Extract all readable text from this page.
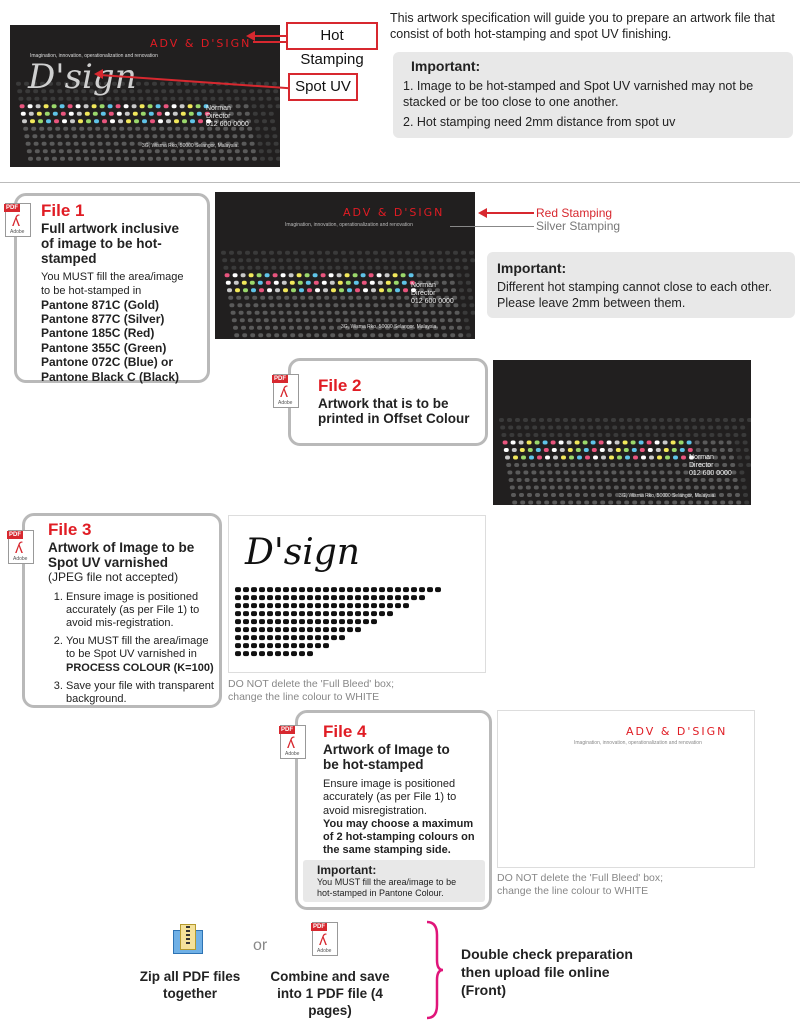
ADV & D'SIGN
Imagination, innovation, operationalization and renovation
D'sign
Norman
Director
012 600 0000
3G, Wisma Rko, 50000 Selangor, Malaysia.
Hot Stamping
Spot UV
This artwork specification will guide you to prepare an artwork file that consist of both hot-stamping and spot UV finishing.
Important:
1. Image to be hot-stamped and Spot UV varnished may not be stacked or be too close to one another.
2. Hot stamping need 2mm distance from spot uv
PDF
ʎ
Adobe
File 1
Full artwork inclusive of image to be hot-stamped
You MUST fill the area/image to be hot-stamped in
Pantone 871C (Gold)
Pantone 877C (Silver)
Pantone 185C (Red)
Pantone 355C (Green)
Pantone 072C (Blue) or
Pantone Black C (Black)
ADV & D'SIGN
Imagination, innovation, operationalization and renovation
Norman
Director
012 600 0000
3G, Wisma Rko, 50000 Selangor, Malaysia.
Red Stamping
Silver Stamping
Important:
Different hot stamping cannot close to each other. Please leave 2mm between them.
PDF
ʎ
Adobe
File 2
Artwork that is to be printed in Offset Colour
Norman
Director
012 600 0000
3G, Wisma Rko, 50000 Selangor, Malaysia.
PDF
ʎ
Adobe
File 3
Artwork of Image to be Spot UV varnished
(JPEG file not accepted)
1. Ensure image is positioned accurately (as per File 1) to avoid mis-registration.
2. You MUST fill the area/image to be Spot UV varnished in PROCESS COLOUR (K=100)
3. Save your file with transparent background.
D'sign
DO NOT delete the 'Full Bleed' box; change the line colour to WHITE
PDF
ʎ
Adobe
File 4
Artwork of Image to be hot-stamped
Ensure image is positioned accurately (as per File 1) to avoid misregistration.
You may choose a maximum of 2 hot-stamping colours on the same stamping side.
Important:
You MUST fill the area/image to be hot-stamped in Pantone Colour.
ADV & D'SIGN
Imagination, innovation, operationalization and renovation
DO NOT delete the 'Full Bleed' box; change the line colour to WHITE
Zip all PDF files together
or
PDF
ʎ
Adobe
Combine and save into 1 PDF file (4 pages)
Double check preparation then upload file online (Front)
